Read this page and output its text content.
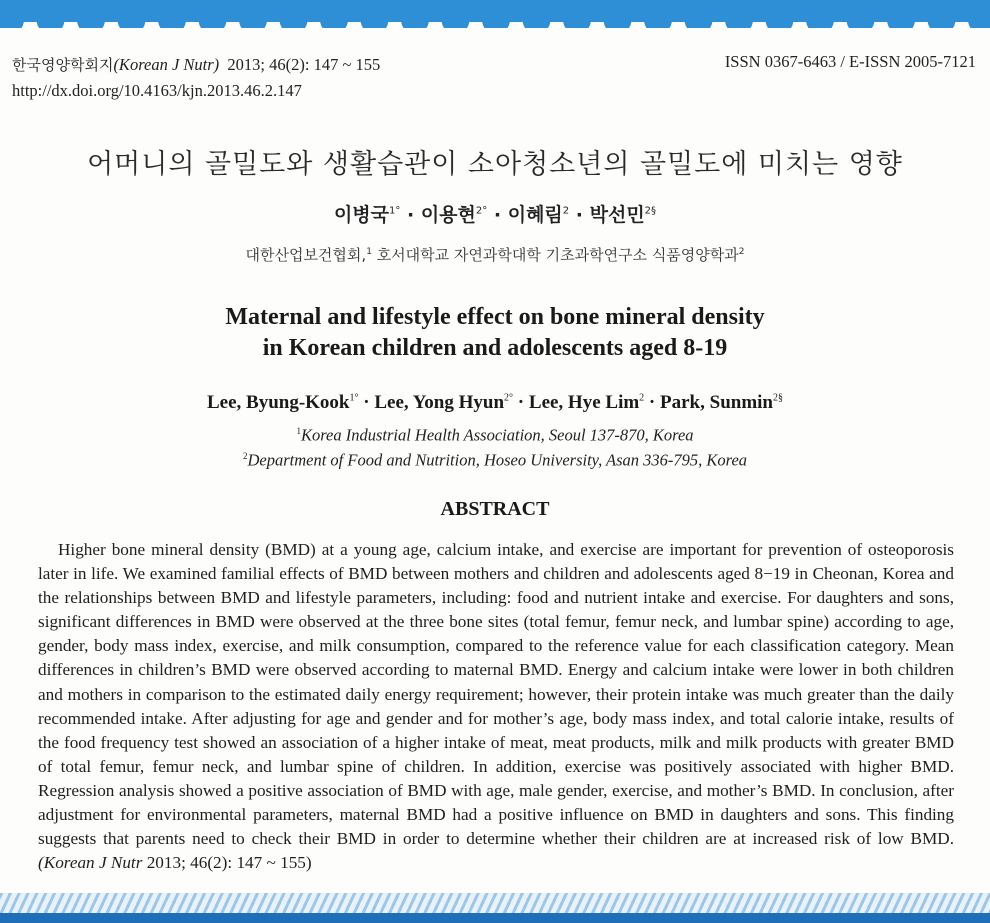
한국영양학회지(Korean J Nutr) 2013; 46(2): 147 ~ 155
http://dx.doi.org/10.4163/kjn.2013.46.2.147
ISSN 0367-6463 / E-ISSN 2005-7121
어머니의 골밀도와 생활습관이 소아청소년의 골밀도에 미치는 영향
이병국$^{1^\circ}$ · 이용현$^{2^\circ}$ · 이혜림$^2$ · 박선민$^{2\S}$
대한산업보건협회,$^1$ 호서대학교 자연과학대학 기초과학연구소 식품영양학과$^2$
Maternal and lifestyle effect on bone mineral density
in Korean children and adolescents aged 8-19
Lee, Byung-Kook$^{1^\circ}$ · Lee, Yong Hyun$^{2^\circ}$ · Lee, Hye Lim$^2$ · Park, Sunmin$^{2\S}$
$^1$Korea Industrial Health Association, Seoul 137-870, Korea
$^2$Department of Food and Nutrition, Hoseo University, Asan 336-795, Korea
ABSTRACT

Higher bone mineral density (BMD) at a young age, calcium intake, and exercise are important for prevention of osteoporosis later in life. We examined familial effects of BMD between mothers and children and adolescents aged 8−19 in Cheonan, Korea and the relationships between BMD and lifestyle parameters, including: food and nutrient intake and exercise. For daughters and sons, significant differences in BMD were observed at the three bone sites (total femur, femur neck, and lumbar spine) according to age, gender, body mass index, exercise, and milk consumption, compared to the reference value for each classification category. Mean differences in children’s BMD were observed according to maternal BMD. Energy and calcium intake were lower in both children and mothers in comparison to the estimated daily energy requirement; however, their protein intake was much greater than the daily recommended intake. After adjusting for age and gender and for mother’s age, body mass index, and total calorie intake, results of the food frequency test showed an association of a higher intake of meat, meat products, milk and milk products with greater BMD of total femur, femur neck, and lumbar spine of children. In addition, exercise was positively associated with higher BMD. Regression analysis showed a positive association of BMD with age, male gender, exercise, and mother’s BMD. In conclusion, after adjustment for environmental parameters, maternal BMD had a positive influence on BMD in daughters and sons. This finding suggests that parents need to check their BMD in order to determine whether their children are at increased risk of low BMD. (Korean J Nutr 2013; 46(2): 147 ~ 155)
